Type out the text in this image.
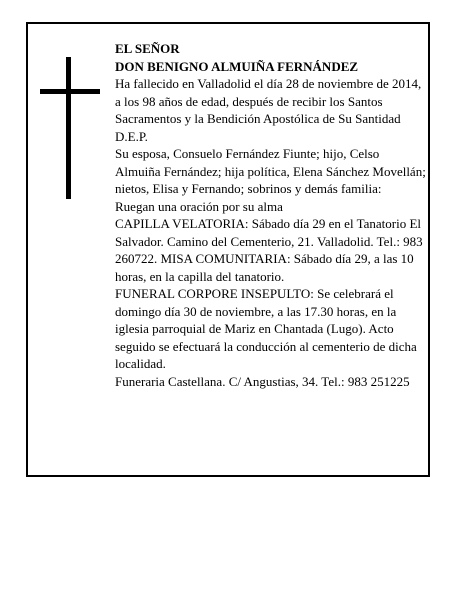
EL SEÑOR

DON BENIGNO ALMUIÑA FERNÁNDEZ

Ha fallecido en Valladolid el día 28 de noviembre de 2014, a los 98 años de edad, después de recibir los Santos Sacramentos y la Bendición Apostólica de Su Santidad

D.E.P.

Su esposa, Consuelo Fernández Fiunte; hijo, Celso Almuiña Fernández; hija política, Elena Sánchez Movellán; nietos, Elisa y Fernando; sobrinos y demás familia:

Ruegan una oración por su alma

CAPILLA VELATORIA: Sábado día 29 en el Tanatorio El Salvador. Camino del Cementerio, 21. Valladolid. Tel.: 983 260722. MISA COMUNITARIA: Sábado día 29, a las 10 horas, en la capilla del tanatorio.

FUNERAL CORPORE INSEPULTO: Se celebrará el domingo día 30 de noviembre, a las 17.30 horas, en la iglesia parroquial de Mariz en Chantada (Lugo). Acto seguido se efectuará la conducción al cementerio de dicha localidad.

Funeraria Castellana. C/ Angustias, 34. Tel.: 983 251225
